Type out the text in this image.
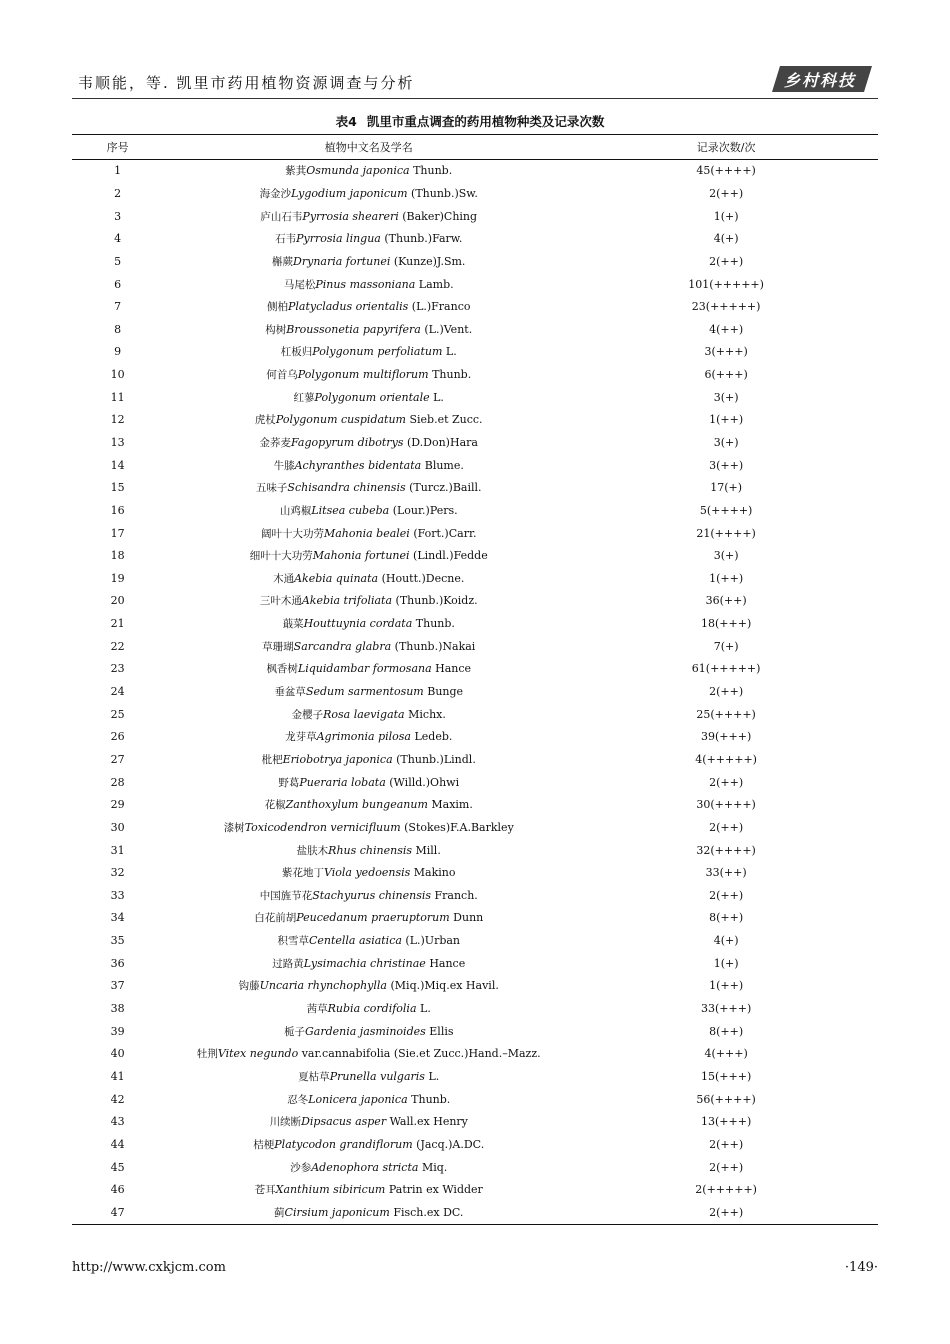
韦顺能，等. 凯里市药用植物资源调查与分析	乡村科技
表4 凯里市重点调查的药用植物种类及记录次数
序号	植物中文名及学名	记录次数/次
1	紫萁Osmunda japonica Thunb.	45(++++)
2	海金沙Lygodium japonicum (Thunb.)Sw.	2(++)
3	庐山石韦Pyrrosia sheareri (Baker)Ching	1(+)
4	石韦Pyrrosia lingua (Thunb.)Farw.	4(+)
5	槲蕨Drynaria fortunei (Kunze)J.Sm.	2(++)
6	马尾松Pinus massoniana Lamb.	101(+++++)
7	侧柏Platycladus orientalis (L.)Franco	23(+++++)
8	构树Broussonetia papyrifera (L.)Vent.	4(++)
9	杠板归Polygonum perfoliatum L.	3(+++)
10	何首乌Polygonum multiflorum Thunb.	6(+++)
11	红蓼Polygonum orientale L.	3(+)
12	虎杖Polygonum cuspidatum Sieb.et Zucc.	1(++)
13	金荞麦Fagopyrum dibotrys (D.Don)Hara	3(+)
14	牛膝Achyranthes bidentata Blume.	3(++)
15	五味子Schisandra chinensis (Turcz.)Baill.	17(+)
16	山鸡椒Litsea cubeba (Lour.)Pers.	5(++++)
17	阔叶十大功劳Mahonia bealei (Fort.)Carr.	21(++++)
18	细叶十大功劳Mahonia fortunei (Lindl.)Fedde	3(+)
19	木通Akebia quinata (Houtt.)Decne.	1(++)
20	三叶木通Akebia trifoliata (Thunb.)Koidz.	36(++)
21	蕺菜Houttuynia cordata Thunb.	18(+++)
22	草珊瑚Sarcandra glabra (Thunb.)Nakai	7(+)
23	枫香树Liquidambar formosana Hance	61(+++++)
24	垂盆草Sedum sarmentosum Bunge	2(++)
25	金樱子Rosa laevigata Michx.	25(++++)
26	龙芽草Agrimonia pilosa Ledeb.	39(+++)
27	枇杷Eriobotrya japonica (Thunb.)Lindl.	4(+++++)
28	野葛Pueraria lobata (Willd.)Ohwi	2(++)
29	花椒Zanthoxylum bungeanum Maxim.	30(++++)
30	漆树Toxicodendron vernicifluum (Stokes)F.A.Barkley	2(++)
31	盐肤木Rhus chinensis Mill.	32(++++)
32	紫花地丁Viola yedoensis Makino	33(++)
33	中国旌节花Stachyurus chinensis Franch.	2(++)
34	白花前胡Peucedanum praeruptorum Dunn	8(++)
35	积雪草Centella asiatica (L.)Urban	4(+)
36	过路黄Lysimachia christinae Hance	1(+)
37	钩藤Uncaria rhynchophylla (Miq.)Miq.ex Havil.	1(++)
38	茜草Rubia cordifolia L.	33(+++)
39	栀子Gardenia jasminoides Ellis	8(++)
40	牡荆Vitex negundo var.cannabifolia (Sie.et Zucc.)Hand.–Mazz.	4(+++)
41	夏枯草Prunella vulgaris L.	15(+++)
42	忍冬Lonicera japonica Thunb.	56(++++)
43	川续断Dipsacus asper Wall.ex Henry	13(+++)
44	桔梗Platycodon grandiflorum (Jacq.)A.DC.	2(++)
45	沙参Adenophora stricta Miq.	2(++)
46	苍耳Xanthium sibiricum Patrin ex Widder	2(+++++)
47	蓟Cirsium japonicum Fisch.ex DC.	2(++)
http://www.cxkjcm.com	·149·
